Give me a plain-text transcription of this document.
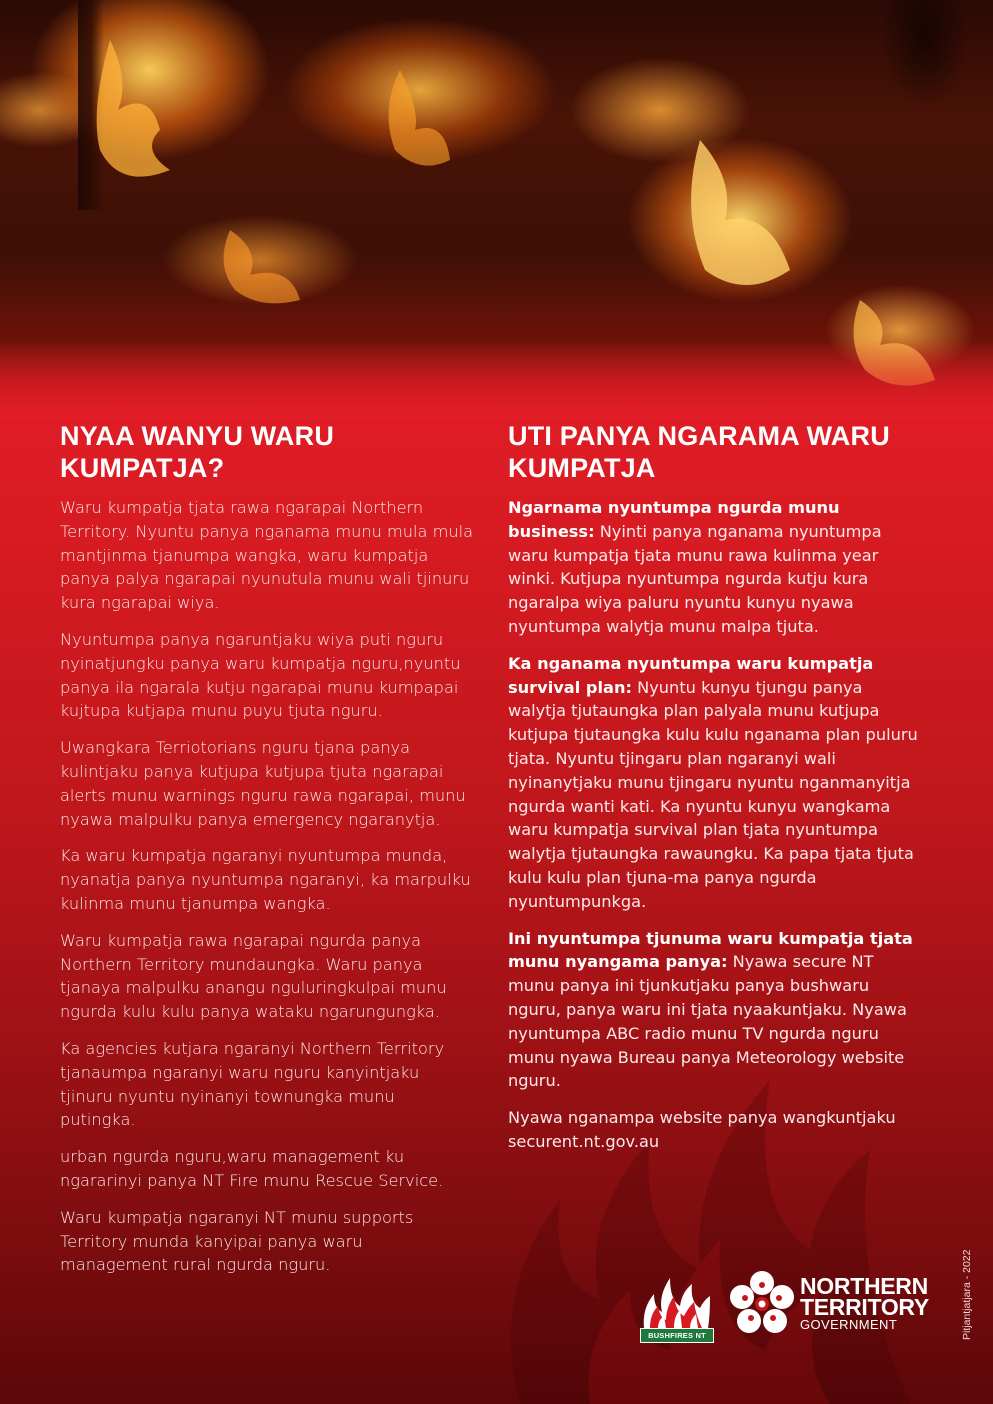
NYAA WANYU WARU KUMPATJA?

Waru kumpatja tjata rawa ngarapai Northern Territory. Nyuntu panya nganama munu mula mula mantjinma tjanumpa wangka, waru kumpatja panya palya ngarapai nyunutula munu wali tjinuru kura ngarapai wiya.

Nyuntumpa panya ngaruntjaku wiya puti nguru nyinatjungku panya waru kumpatja nguru,nyuntu panya ila ngarala kutju ngarapai munu kumpapai kujtupa kutjapa munu puyu tjuta nguru.

Uwangkara Terriotorians nguru tjana panya kulintjaku panya kutjupa kutjupa tjuta ngarapai alerts munu warnings nguru rawa ngarapai, munu nyawa malpulku panya emergency ngaranytja.

Ka waru kumpatja ngaranyi nyuntumpa munda, nyanatja panya nyuntumpa ngaranyi, ka marpulku kulinma munu tjanumpa wangka.

Waru kumpatja rawa ngarapai ngurda panya Northern Territory mundaungka. Waru panya tjanaya malpulku anangu nguluringkulpai munu ngurda kulu kulu panya wataku ngarungungka.

Ka agencies kutjara ngaranyi Northern Territory tjanaumpa ngaranyi waru nguru kanyintjaku tjinuru nyuntu nyinanyi townungka munu putingka.

urban ngurda nguru,waru management ku ngararinyi panya NT Fire munu Rescue Service.

Waru kumpatja ngaranyi NT munu supports Territory munda kanyipai panya waru management rural ngurda nguru.

UTI PANYA NGARAMA WARU KUMPATJA

Ngarnama nyuntumpa ngurda munu business: Nyinti panya nganama nyuntumpa waru kumpatja tjata munu rawa kulinma year winki. Kutjupa nyuntumpa ngurda kutju kura ngaralpa wiya paluru nyuntu kunyu nyawa nyuntumpa walytja munu malpa tjuta.

Ka nganama nyuntumpa waru kumpatja survival plan: Nyuntu kunyu tjungu panya walytja tjutaungka plan palyala munu kutjupa kutjupa tjutaungka kulu kulu nganama plan puluru tjata. Nyuntu tjingaru plan ngaranyi wali nyinanytjaku munu tjingaru nyuntu nganmanyitja ngurda wanti kati. Ka nyuntu kunyu wangkama waru kumpatja survival plan tjata nyuntumpa walytja tjutaungka rawaungku. Ka papa tjata tjuta kulu kulu plan tjuna-ma panya ngurda nyuntumpunkga.

Ini nyuntumpa tjunuma waru kumpatja tjata munu nyangama panya: Nyawa secure NT munu panya ini tjunkutjaku panya bushwaru nguru, panya waru ini tjata nyaakuntjaku. Nyawa nyuntumpa ABC radio munu TV ngurda nguru munu nyawa Bureau panya Meteorology website nguru.

Nyawa nganampa website panya wangkuntjaku
securent.nt.gov.au

BUSHFIRES NT
NORTHERN
TERRITORY
GOVERNMENT	Pitjantjatjara - 2022
